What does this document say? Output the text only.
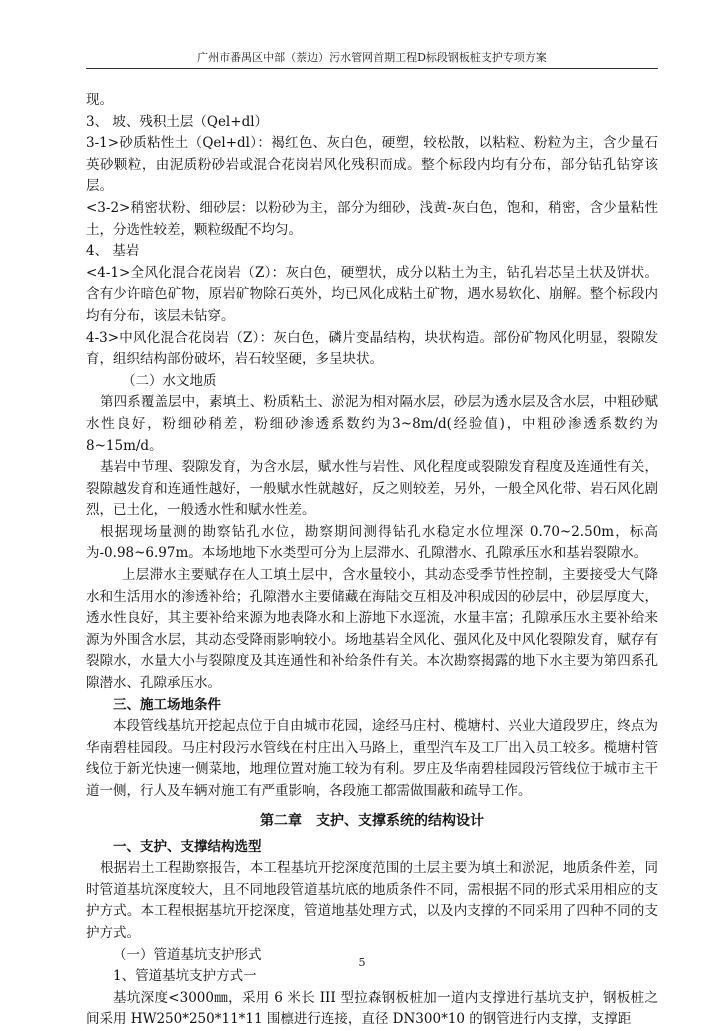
广州市番禺区中部（萘边）污水管网首期工程D标段钢板桩支护专项方案

现。

3、 坡、残积土层（Qel+dl）

3-1>砂质粘性土（Qel+dl）：褐红色、灰白色，硬塑，较松散，以粘粒、粉粒为主，含少量石英砂颗粒，由泥质粉砂岩或混合花岗岩风化残积而成。整个标段内均有分布，部分钻孔钻穿该层。

<3-2>稍密状粉、细砂层：以粉砂为主，部分为细砂，浅黄-灰白色，饱和，稍密，含少量粘性土，分选性较差，颗粒级配不均匀。

4、 基岩

<4-1>全风化混合花岗岩（Z）：灰白色，硬塑状，成分以粘土为主，钻孔岩芯呈土状及饼状。含有少许暗色矿物，原岩矿物除石英外，均已风化成粘土矿物，遇水易软化、崩解。整个标段内均有分布，该层未钻穿。

4-3>中风化混合花岗岩（Z）：灰白色，磷片变晶结构，块状构造。部份矿物风化明显，裂隙发育，组织结构部份破坏，岩石较坚硬，多呈块状。

（二）水文地质

第四系覆盖层中，素填土、粉质粘土、淤泥为相对隔水层，砂层为透水层及含水层，中粗砂赋水性良好，粉细砂稍差，粉细砂渗透系数约为3~8m/d(经验值)，中粗砂渗透系数约为8~15m/d。

基岩中节理、裂隙发育，为含水层，赋水性与岩性、风化程度或裂隙发育程度及连通性有关，裂隙越发育和连通性越好，一般赋水性就越好，反之则较差，另外，一般全风化带、岩石风化剧烈，已土化，一般透水性和赋水性差。

根据现场量测的勘察钻孔水位，勘察期间测得钻孔水稳定水位埋深 0.70~2.50m，标高为-0.98~6.97m。本场地地下水类型可分为上层滞水、孔隙潜水、孔隙承压水和基岩裂隙水。

上层滞水主要赋存在人工填土层中，含水量较小，其动态受季节性控制，主要接受大气降水和生活用水的渗透补给；孔隙潜水主要储藏在海陆交互相及冲积成因的砂层中，砂层厚度大，透水性良好，其主要补给来源为地表降水和上游地下水逕流，水量丰富；孔隙承压水主要补给来源为外围含水层，其动态受降雨影响较小。场地基岩全风化、强风化及中风化裂隙发育，赋存有裂隙水，水量大小与裂隙度及其连通性和补给条件有关。本次勘察揭露的地下水主要为第四系孔隙潜水、孔隙承压水。

三、施工场地条件

本段管线基坑开挖起点位于自由城市花园，途经马庄村、榄塘村、兴业大道段罗庄，终点为华南碧桂园段。马庄村段污水管线在村庄出入马路上，重型汽车及工厂出入员工较多。榄塘村管线位于新光快速一侧菜地，地理位置对施工较为有利。罗庄及华南碧桂园段污管线位于城市主干道一侧，行人及车辆对施工有严重影响，各段施工都需做围蔽和疏导工作。

第二章　支护、支撑系统的结构设计

一、支护、支撑结构选型

根据岩土工程勘察报告，本工程基坑开挖深度范围的土层主要为填土和淤泥，地质条件差，同时管道基坑深度较大，且不同地段管道基坑底的地质条件不同，需根据不同的形式采用相应的支护方式。本工程根据基坑开挖深度，管道地基处理方式，以及内支撑的不同采用了四种不同的支护方式。

（一）管道基坑支护形式

1、管道基坑支护方式一

基坑深度<3000㎜，采用 6 米长 III 型拉森钢板桩加一道内支撑进行基坑支护，钢板桩之间采用 HW250*250*11*11 围檩进行连接，直径 DN300*10 的钢管进行内支撑，支撑距

5
